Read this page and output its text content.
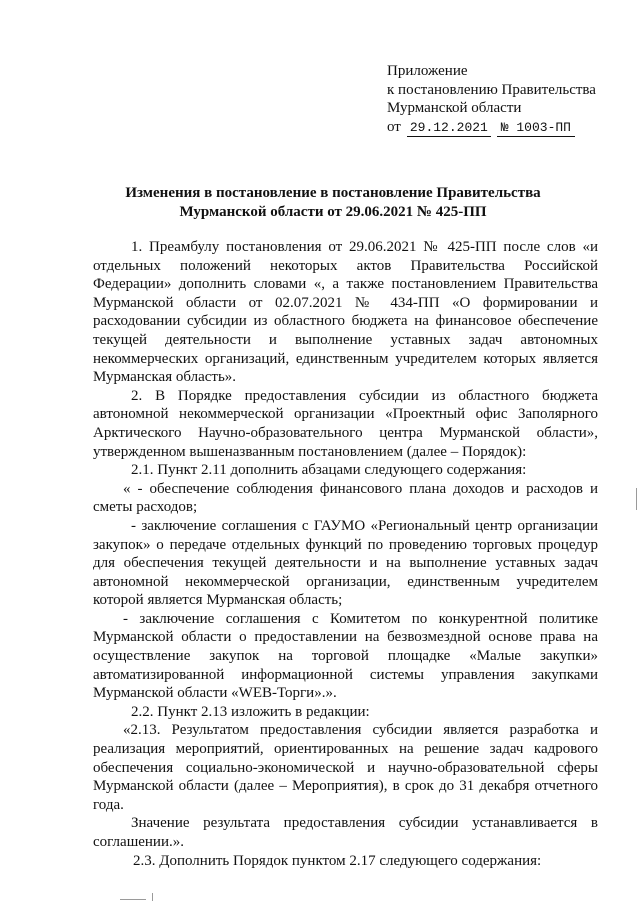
Приложение
к постановлению Правительства
Мурманской области
от 29.12.2021 № 1003-ПП
Изменения в постановление в постановление Правительства
Мурманской области от 29.06.2021 № 425-ПП

1. Преамбулу постановления от 29.06.2021 № 425-ПП после слов «и отдельных положений некоторых актов Правительства Российской Федерации» дополнить словами «, а также постановлением Правительства Мурманской области от 02.07.2021 № 434-ПП «О формировании и расходовании субсидии из областного бюджета на финансовое обеспечение текущей деятельности и выполнение уставных задач автономных некоммерческих организаций, единственным учредителем которых является Мурманская область».

2. В Порядке предоставления субсидии из областного бюджета автономной некоммерческой организации «Проектный офис Заполярного Арктического Научно-образовательного центра Мурманской области», утвержденном вышеназванным постановлением (далее – Порядок):

2.1. Пункт 2.11 дополнить абзацами следующего содержания:

« - обеспечение соблюдения финансового плана доходов и расходов и сметы расходов;

- заключение соглашения с ГАУМО «Региональный центр организации закупок» о передаче отдельных функций по проведению торговых процедур для обеспечения текущей деятельности и на выполнение уставных задач автономной некоммерческой организации, единственным учредителем которой является Мурманская область;

- заключение соглашения с Комитетом по конкурентной политике Мурманской области о предоставлении на безвозмездной основе права на осуществление закупок на торговой площадке «Малые закупки» автоматизированной информационной системы управления закупками Мурманской области «WEB-Торги».».

2.2. Пункт 2.13 изложить в редакции:

«2.13. Результатом предоставления субсидии является разработка и реализация мероприятий, ориентированных на решение задач кадрового обеспечения социально-экономической и научно-образовательной сферы Мурманской области (далее – Мероприятия), в срок до 31 декабря отчетного года.

Значение результата предоставления субсидии устанавливается в соглашении.».

2.3. Дополнить Порядок пунктом 2.17 следующего содержания:
